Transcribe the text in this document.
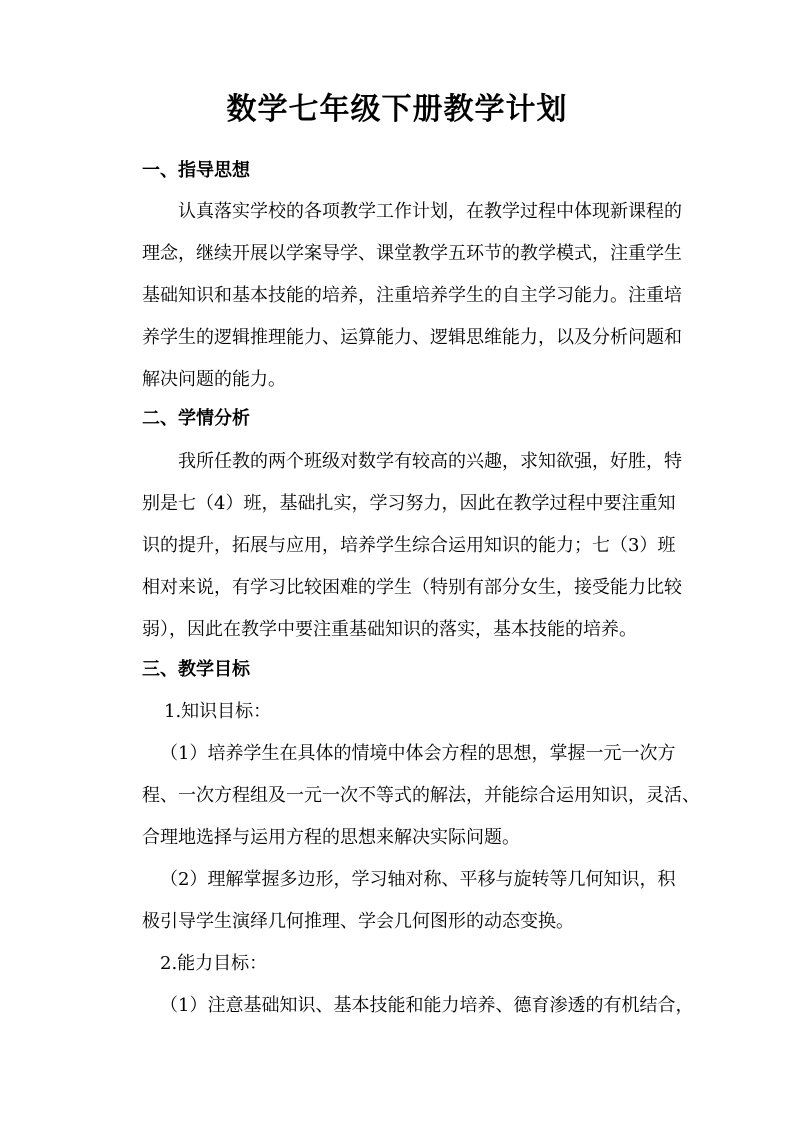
数学七年级下册教学计划
一、指导思想
认真落实学校的各项教学工作计划，在教学过程中体现新课程的
理念，继续开展以学案导学、课堂教学五环节的教学模式，注重学生
基础知识和基本技能的培养，注重培养学生的自主学习能力。注重培
养学生的逻辑推理能力、运算能力、逻辑思维能力，以及分析问题和
解决问题的能力。
二、学情分析
我所任教的两个班级对数学有较高的兴趣，求知欲强，好胜，特
别是七（4）班，基础扎实，学习努力，因此在教学过程中要注重知
识的提升，拓展与应用，培养学生综合运用知识的能力；七（3）班
相对来说，有学习比较困难的学生（特别有部分女生，接受能力比较
弱），因此在教学中要注重基础知识的落实，基本技能的培养。
三、教学目标
1.知识目标：
（1）培养学生在具体的情境中体会方程的思想，掌握一元一次方
程、一次方程组及一元一次不等式的解法，并能综合运用知识，灵活、
合理地选择与运用方程的思想来解决实际问题。
（2）理解掌握多边形，学习轴对称、平移与旋转等几何知识，积
极引导学生演绎几何推理、学会几何图形的动态变换。
2.能力目标：
（1）注意基础知识、基本技能和能力培养、德育渗透的有机结合，
